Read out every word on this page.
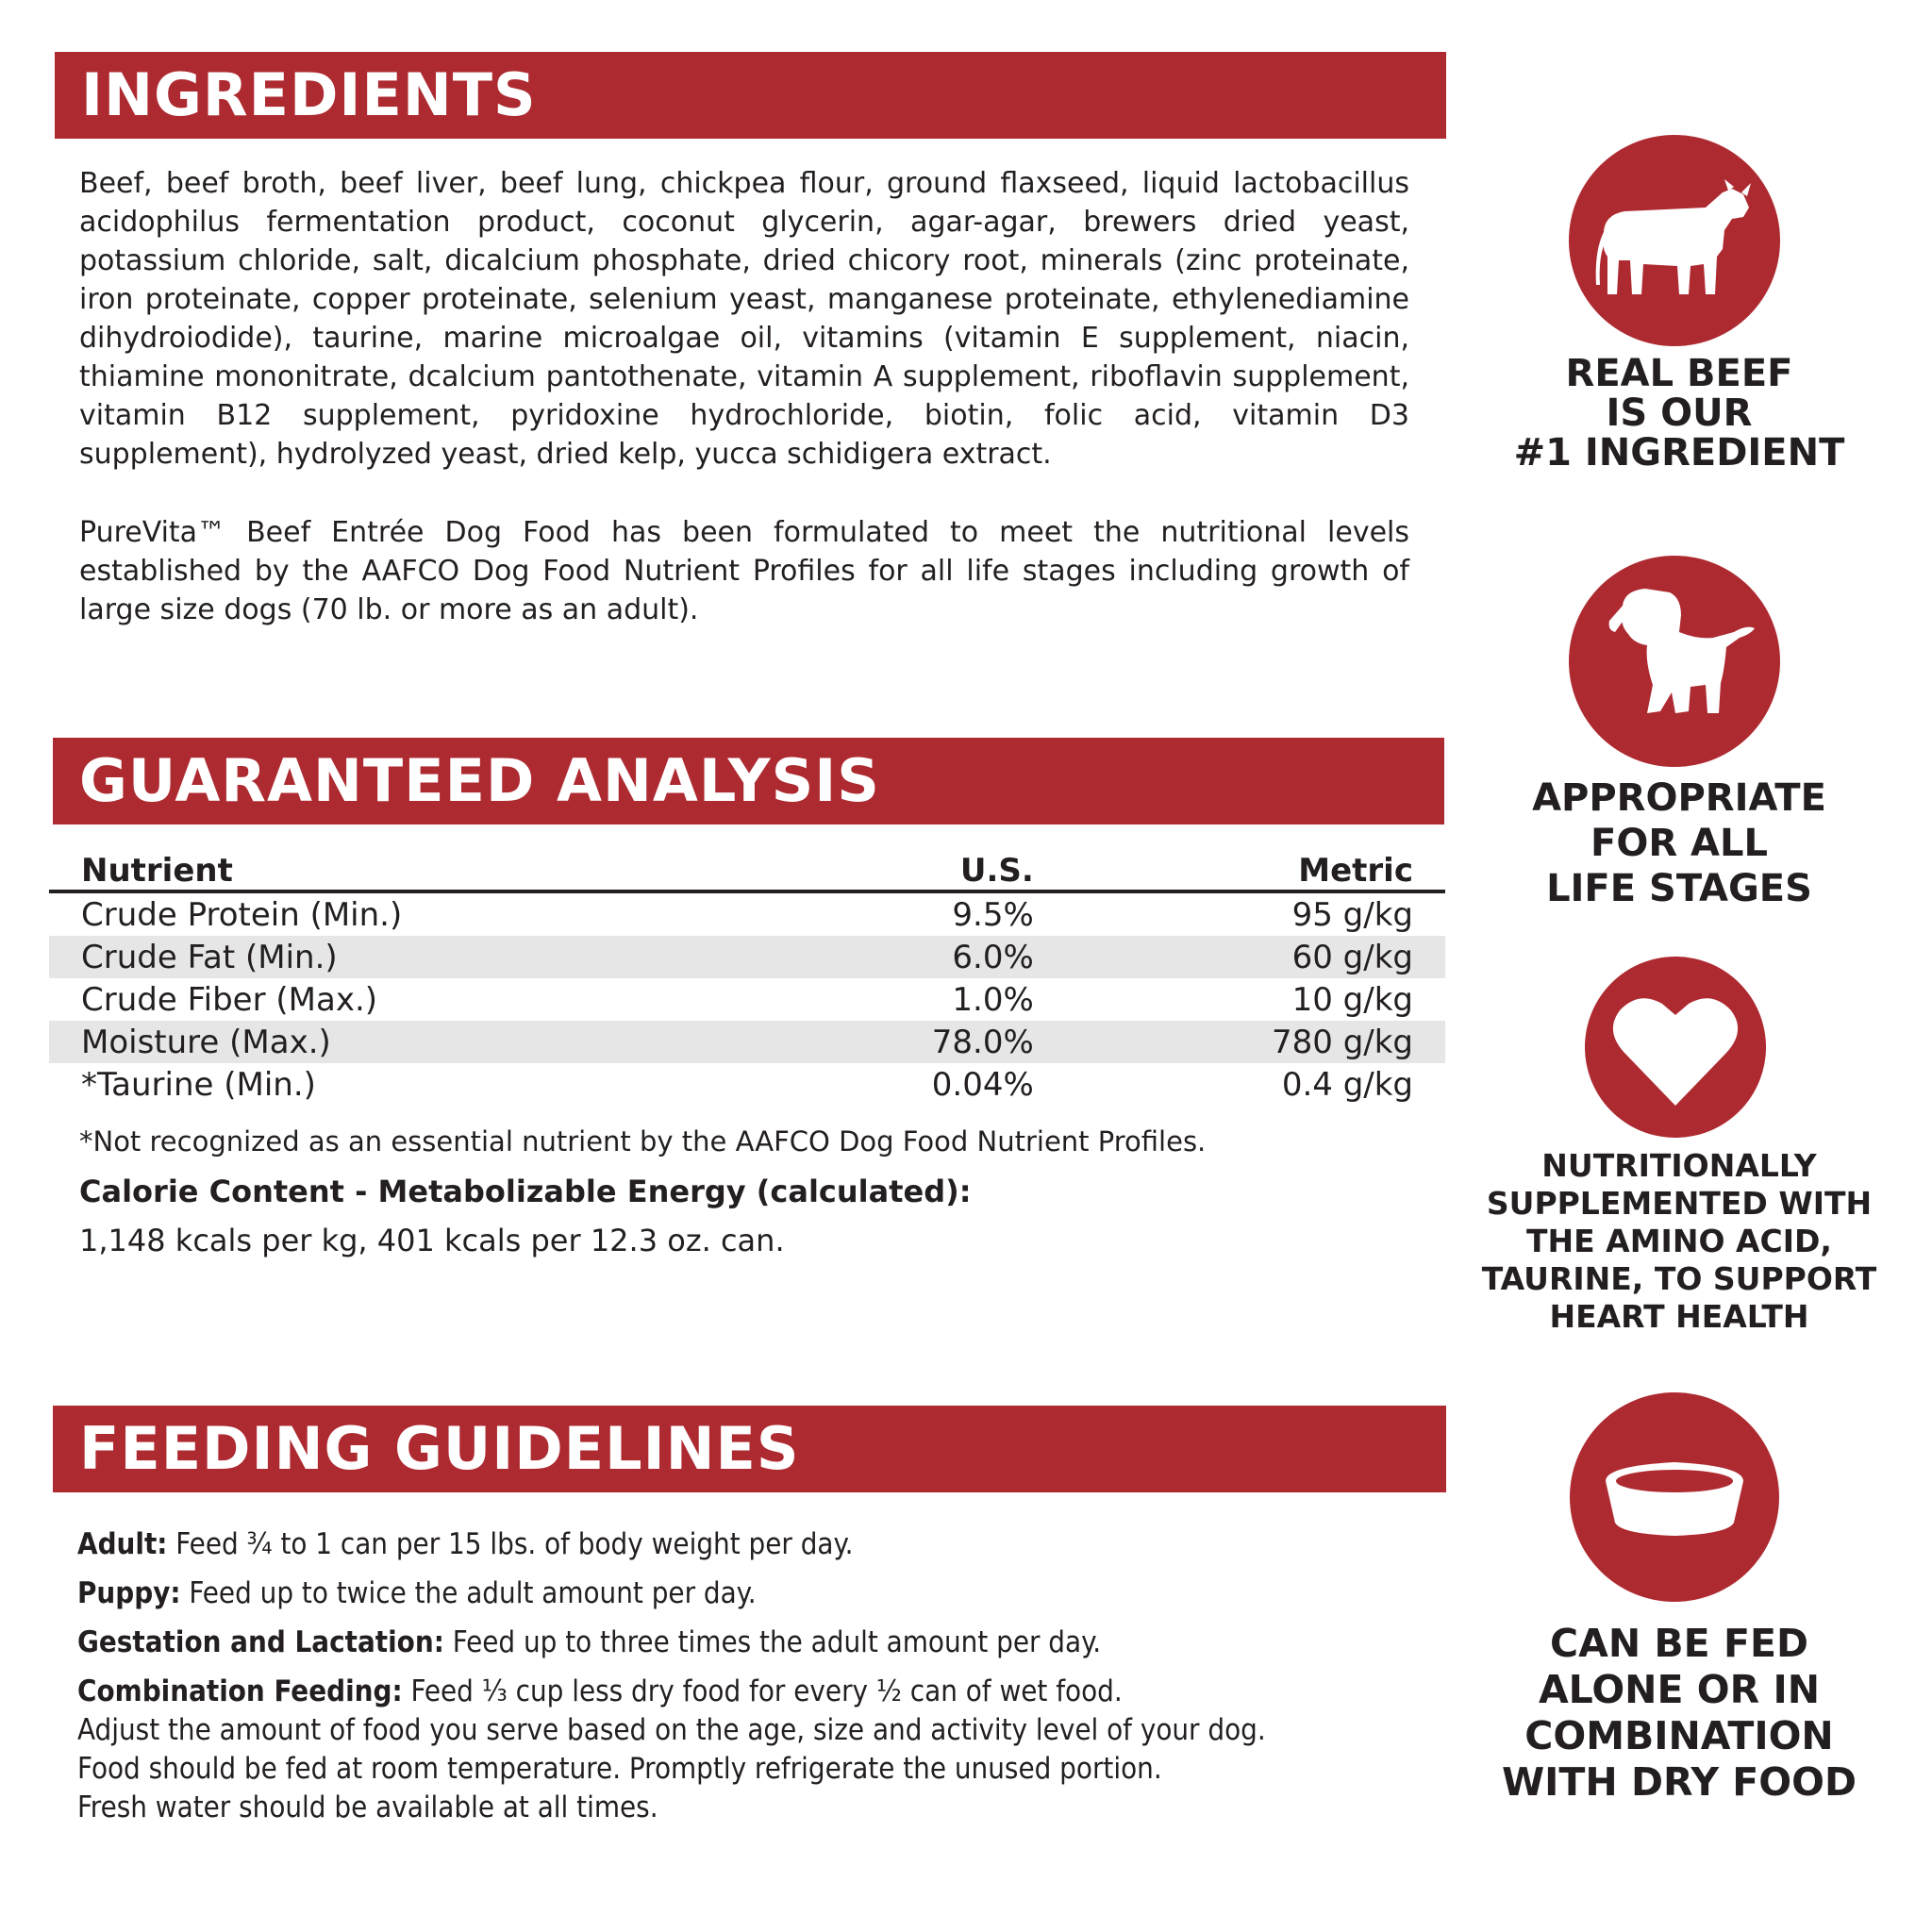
INGREDIENTS

Beef, beef broth, beef liver, beef lung, chickpea flour, ground flaxseed, liquid lactobacillus acidophilus fermentation product, coconut glycerin, agar-agar, brewers dried yeast, potassium chloride, salt, dicalcium phosphate, dried chicory root, minerals (zinc proteinate, iron proteinate, copper proteinate, selenium yeast, manganese proteinate, ethylenediamine dihydroiodide), taurine, marine microalgae oil, vitamins (vitamin E supplement, niacin, thiamine mononitrate, dcalcium pantothenate, vitamin A supplement, riboflavin supplement, vitamin B12 supplement, pyridoxine hydrochloride, biotin, folic acid, vitamin D3 supplement), hydrolyzed yeast, dried kelp, yucca schidigera extract.

PureVita™ Beef Entrée Dog Food has been formulated to meet the nutritional levels established by the AAFCO Dog Food Nutrient Profiles for all life stages including growth of large size dogs (70 lb. or more as an adult).

GUARANTEED ANALYSIS
Nutrient	U.S.	Metric
Crude Protein (Min.)	9.5%	95 g/kg
Crude Fat (Min.)	6.0%	60 g/kg
Crude Fiber (Max.)	1.0%	10 g/kg
Moisture (Max.)	78.0%	780 g/kg
*Taurine (Min.)	0.04%	0.4 g/kg

*Not recognized as an essential nutrient by the AAFCO Dog Food Nutrient Profiles.

Calorie Content - Metabolizable Energy (calculated):

1,148 kcals per kg, 401 kcals per 12.3 oz. can.

FEEDING GUIDELINES

Adult: Feed ¾ to 1 can per 15 lbs. of body weight per day.

Puppy: Feed up to twice the adult amount per day.

Gestation and Lactation: Feed up to three times the adult amount per day.

Combination Feeding: Feed ⅓ cup less dry food for every ½ can of wet food.

Adjust the amount of food you serve based on the age, size and activity level of your dog.

Food should be fed at room temperature. Promptly refrigerate the unused portion.

Fresh water should be available at all times.

REAL BEEF
IS OUR
#1 INGREDIENT

APPROPRIATE
FOR ALL
LIFE STAGES

NUTRITIONALLY
SUPPLEMENTED WITH
THE AMINO ACID,
TAURINE, TO SUPPORT
HEART HEALTH

CAN BE FED
ALONE OR IN
COMBINATION
WITH DRY FOOD
